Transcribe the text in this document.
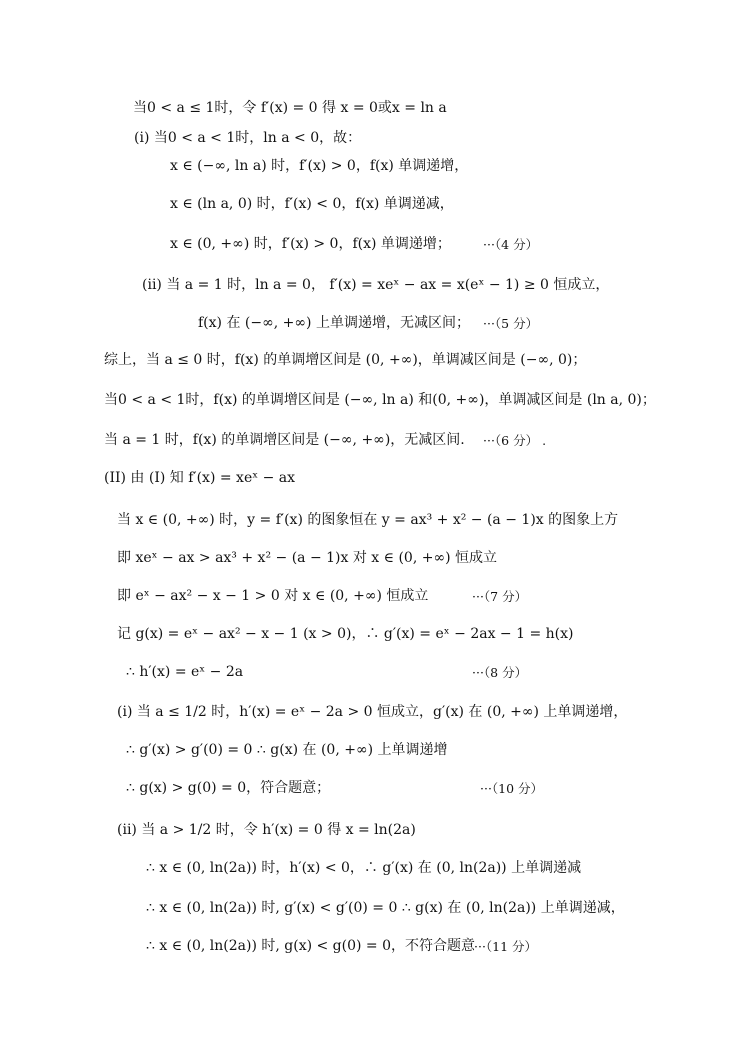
当0 < a ≤ 1时，令 f′(x) = 0 得 x = 0或x = ln a
(i) 当0 < a < 1时，ln a < 0，故：
x ∈ (−∞, ln a) 时，f′(x) > 0，f(x) 单调递增，
x ∈ (ln a, 0) 时，f′(x) < 0，f(x) 单调递减，
x ∈ (0, +∞) 时，f′(x) > 0，f(x) 单调递增；	···（4 分）
(ii) 当 a = 1 时，ln a = 0， f′(x) = xeˣ − ax = x(eˣ − 1) ≥ 0 恒成立，
f(x) 在 (−∞, +∞) 上单调递增，无减区间； ···（5 分）
综上，当 a ≤ 0 时，f(x) 的单调增区间是 (0, +∞)，单调减区间是 (−∞, 0)；
当0 < a < 1时，f(x) 的单调增区间是 (−∞, ln a) 和(0, +∞)，单调减区间是 (ln a, 0)；
当 a = 1 时，f(x) 的单调增区间是 (−∞, +∞)，无减区间. ···（6 分） .
(II) 由 (I) 知 f′(x) = xeˣ − ax
当 x ∈ (0, +∞) 时，y = f′(x) 的图象恒在 y = ax³ + x² − (a − 1)x 的图象上方
即 xeˣ − ax > ax³ + x² − (a − 1)x 对 x ∈ (0, +∞) 恒成立
即 eˣ − ax² − x − 1 > 0 对 x ∈ (0, +∞) 恒成立	···（7 分）
记 g(x) = eˣ − ax² − x − 1 (x > 0)，∴ g′(x) = eˣ − 2ax − 1 = h(x)
∴ h′(x) = eˣ − 2a	···（8 分）
(i) 当 a ≤ 1/2 时，h′(x) = eˣ − 2a > 0 恒成立，g′(x) 在 (0, +∞) 上单调递增，
∴ g′(x) > g′(0) = 0 ∴ g(x) 在 (0, +∞) 上单调递增
∴ g(x) > g(0) = 0，符合题意；	···（10 分）
(ii) 当 a > 1/2 时，令 h′(x) = 0 得 x = ln(2a)
∴ x ∈ (0, ln(2a)) 时，h′(x) < 0，∴ g′(x) 在 (0, ln(2a)) 上单调递减
∴ x ∈ (0, ln(2a)) 时, g′(x) < g′(0) = 0 ∴ g(x) 在 (0, ln(2a)) 上单调递减，
∴ x ∈ (0, ln(2a)) 时, g(x) < g(0) = 0，不符合题意
···（11 分）
